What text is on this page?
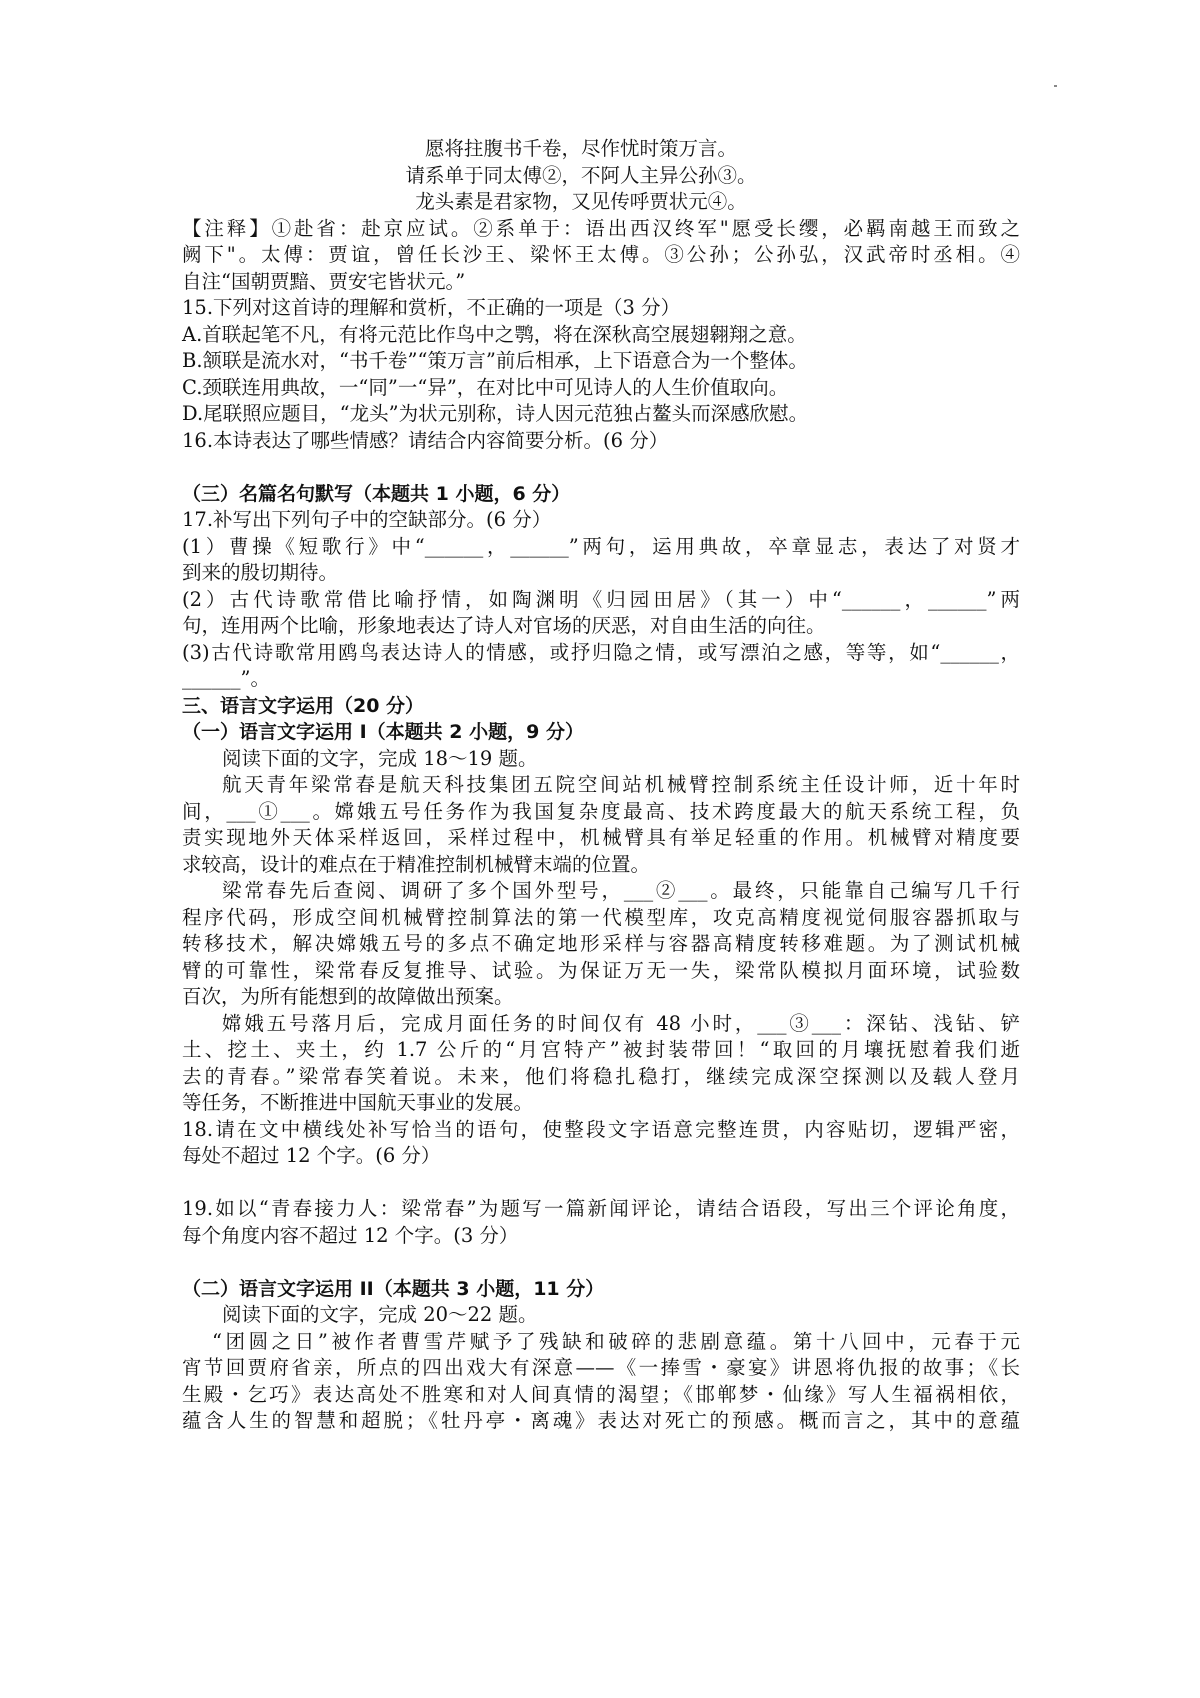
愿将拄腹书千卷，尽作忧时策万言。
请系单于同太傅②，不阿人主异公孙③。
龙头素是君家物，又见传呼贾状元④。
【注释】①赴省：赴京应试。②系单于：语出西汉终军"愿受长缨，必羁南越王而致之
阙下"。太傅：贾谊，曾任长沙王、梁怀王太傅。③公孙；公孙弘，汉武帝时丞相。④
自注“国朝贾黯、贾安宅皆状元。”
15.下列对这首诗的理解和赏析，不正确的一项是（3 分）
A.首联起笔不凡，有将元范比作鸟中之鹗，将在深秋高空展翅翱翔之意。
B.颔联是流水对，“书千卷”“策万言”前后相承，上下语意合为一个整体。
C.颈联连用典故，一“同”一“异”，在对比中可见诗人的人生价值取向。
D.尾联照应题目，“龙头”为状元别称，诗人因元范独占鳌头而深感欣慰。
16.本诗表达了哪些情感？请结合内容简要分析。(6 分）
（三）名篇名句默写（本题共 1 小题，6 分）
17.补写出下列句子中的空缺部分。(6 分）
(1）曹操《短歌行》中“______，______”两句，运用典故，卒章显志，表达了对贤才
到来的殷切期待。
(2）古代诗歌常借比喻抒情，如陶渊明《归园田居》（其一）中“______，______”两
句，连用两个比喻，形象地表达了诗人对官场的厌恶，对自由生活的向往。
(3)古代诗歌常用鸥鸟表达诗人的情感，或抒归隐之情，或写漂泊之感，等等，如“______，
______”。
三、语言文字运用（20 分）
（一）语言文字运用 I（本题共 2 小题，9 分）
阅读下面的文字，完成 18～19 题。
航天青年梁常春是航天科技集团五院空间站机械臂控制系统主任设计师，近十年时
间，___①___。嫦娥五号任务作为我国复杂度最高、技术跨度最大的航天系统工程，负
责实现地外天体采样返回，采样过程中，机械臂具有举足轻重的作用。机械臂对精度要
求较高，设计的难点在于精准控制机械臂末端的位置。
梁常春先后查阅、调研了多个国外型号，___②___。最终，只能靠自己编写几千行
程序代码，形成空间机械臂控制算法的第一代模型库，攻克高精度视觉伺服容器抓取与
转移技术，解决嫦娥五号的多点不确定地形采样与容器高精度转移难题。为了测试机械
臂的可靠性，梁常春反复推导、试验。为保证万无一失，梁常队模拟月面环境，试验数
百次，为所有能想到的故障做出预案。
嫦娥五号落月后，完成月面任务的时间仅有 48 小时，___③___：深钻、浅钻、铲
土、挖土、夹土，约 1.7 公斤的“月宫特产”被封装带回！“取回的月壤抚慰着我们逝
去的青春。”梁常春笑着说。未来，他们将稳扎稳打，继续完成深空探测以及载人登月
等任务，不断推进中国航天事业的发展。
18.请在文中横线处补写恰当的语句，使整段文字语意完整连贯，内容贴切，逻辑严密，
每处不超过 12 个字。(6 分）
19.如以“青春接力人：梁常春”为题写一篇新闻评论，请结合语段，写出三个评论角度，
每个角度内容不超过 12 个字。(3 分）
（二）语言文字运用 II（本题共 3 小题，11 分）
阅读下面的文字，完成 20～22 题。
“团圆之日”被作者曹雪芹赋予了残缺和破碎的悲剧意蕴。第十八回中，元春于元
宵节回贾府省亲，所点的四出戏大有深意——《一捧雪・豪宴》讲恩将仇报的故事；《长
生殿・乞巧》表达高处不胜寒和对人间真情的渴望；《邯郸梦・仙缘》写人生福祸相依，
蕴含人生的智慧和超脱；《牡丹亭・离魂》表达对死亡的预感。概而言之，其中的意蕴
